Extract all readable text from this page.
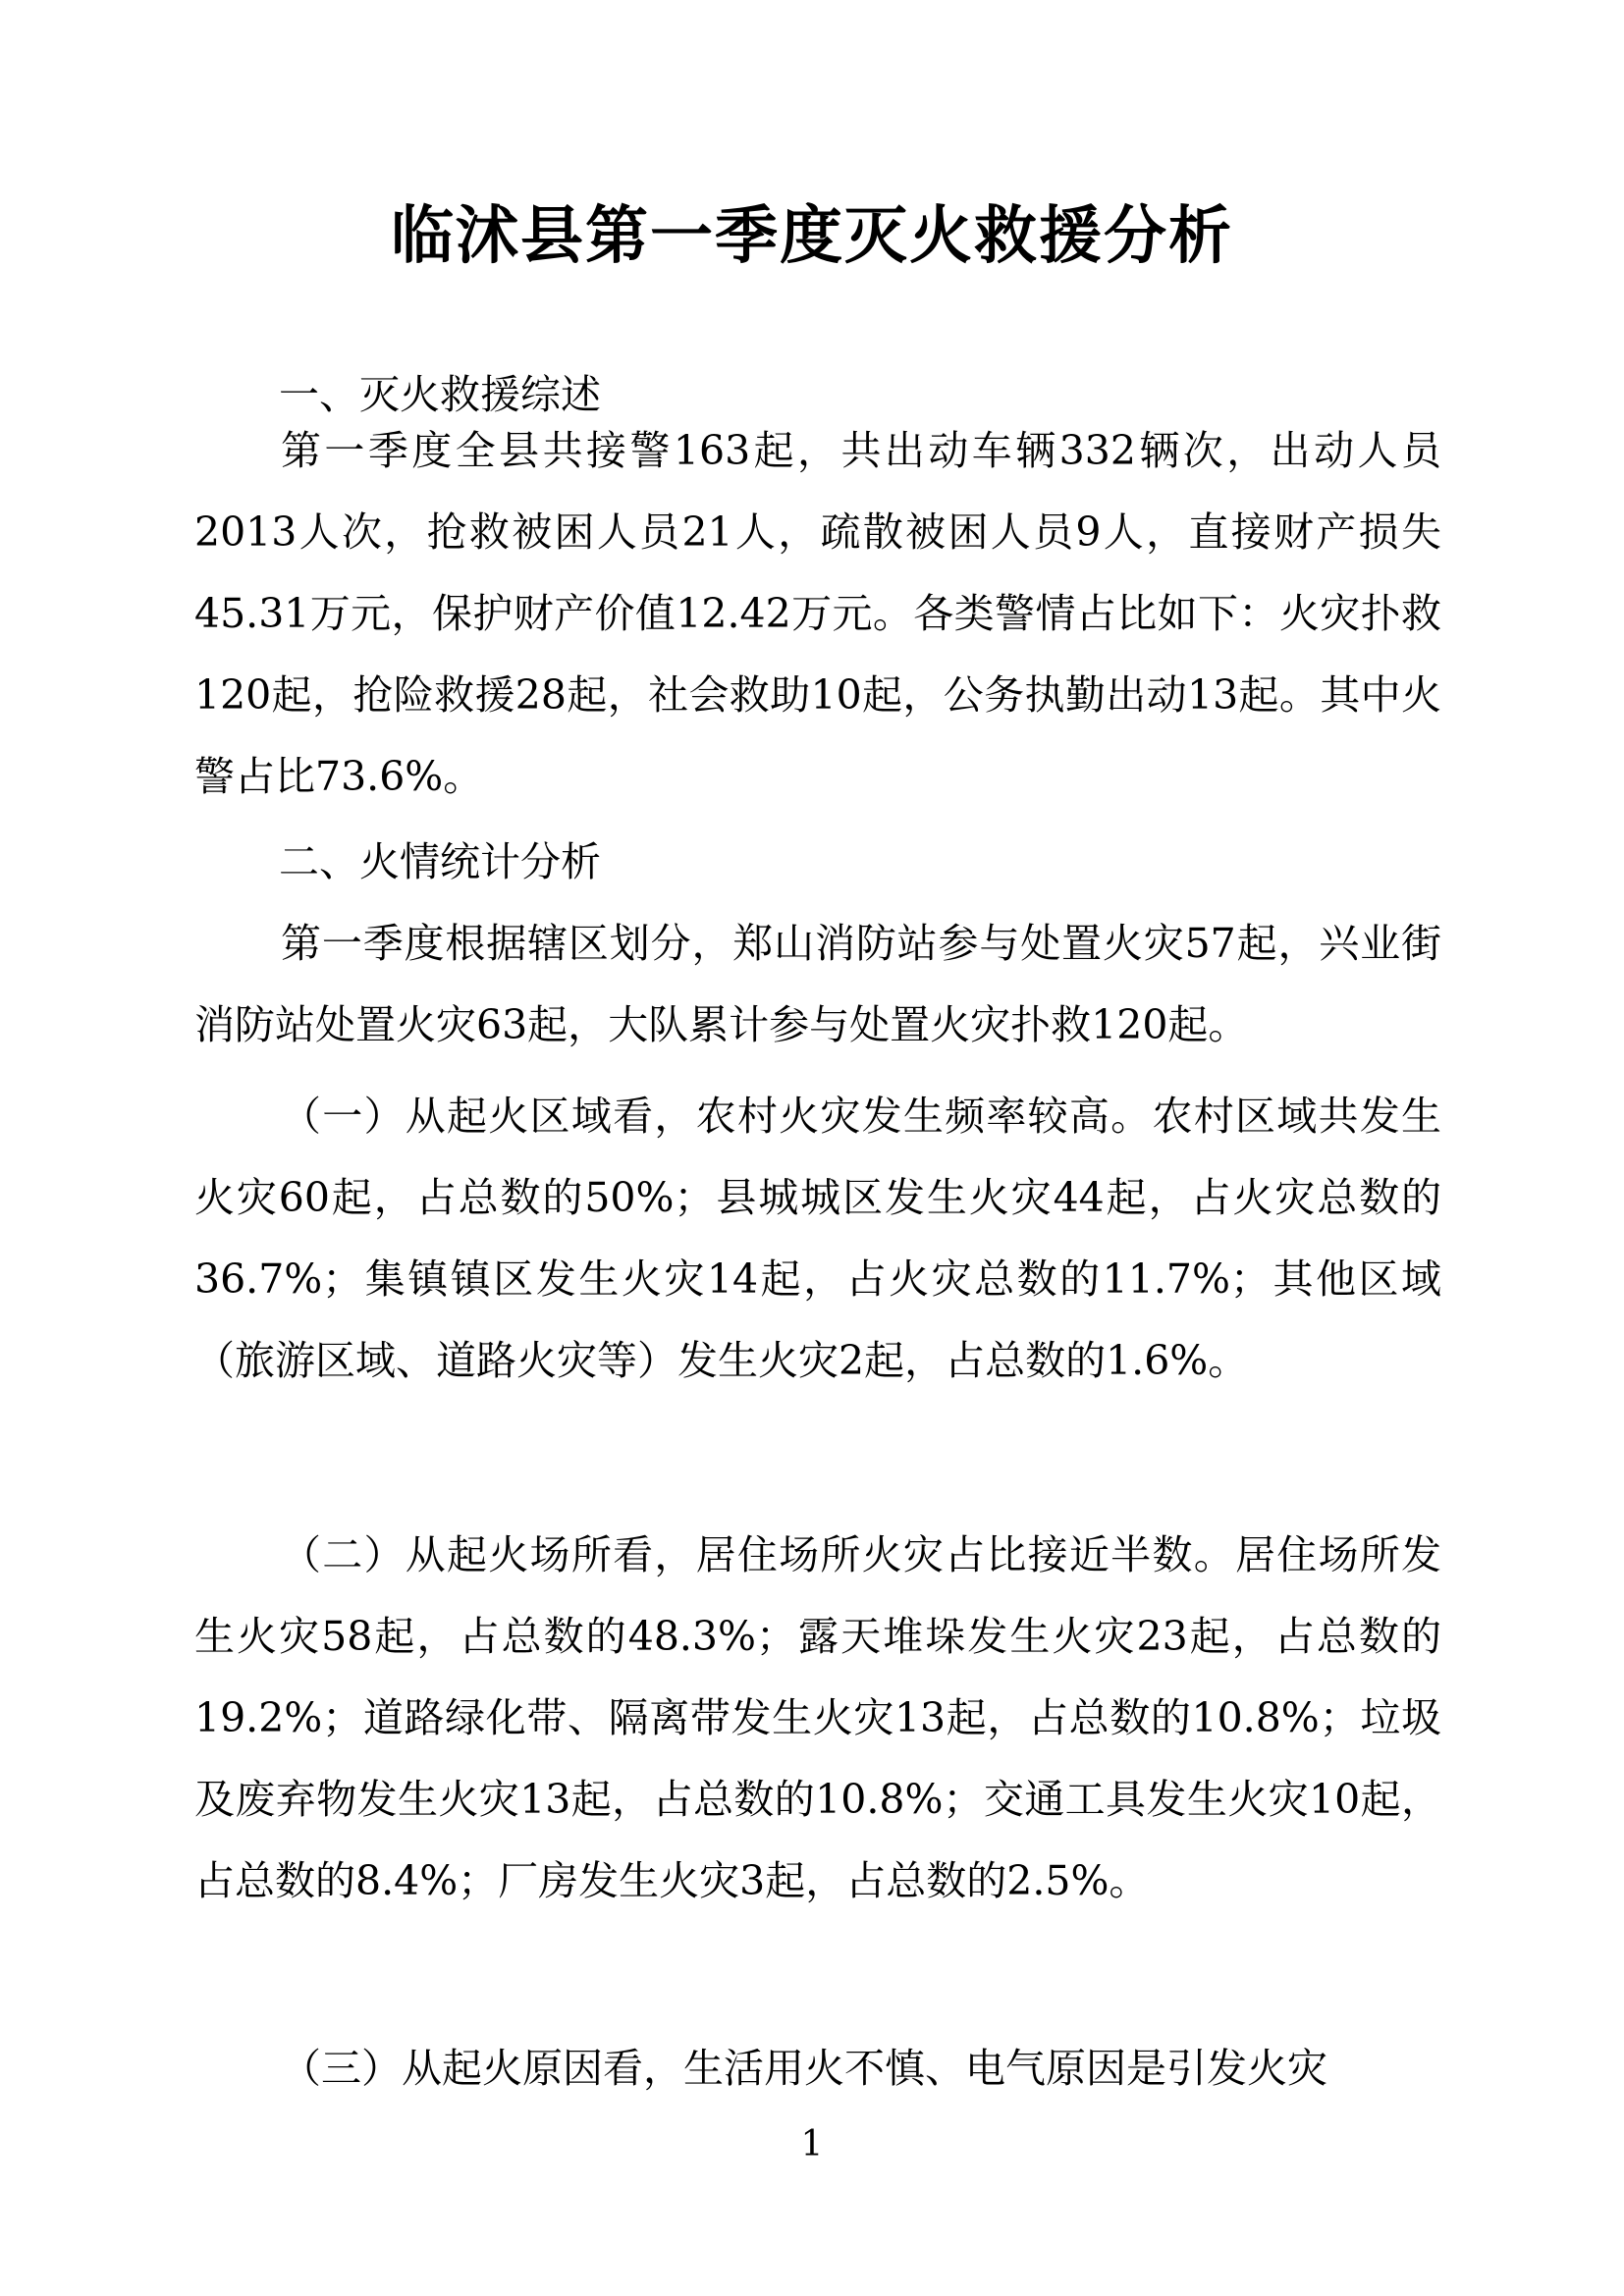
临沭县第一季度灭火救援分析
一、灭火救援综述
第一季度全县共接警163起，共出动车辆332辆次，出动人员2013人次，抢救被困人员21人，疏散被困人员9人，直接财产损失45.31万元，保护财产价值12.42万元。各类警情占比如下：火灾扑救120起，抢险救援28起，社会救助10起，公务执勤出动13起。其中火警占比73.6%。
二、火情统计分析
第一季度根据辖区划分，郑山消防站参与处置火灾57起，兴业街消防站处置火灾63起，大队累计参与处置火灾扑救120起。
（一）从起火区域看，农村火灾发生频率较高。农村区域共发生火灾60起，占总数的50%；县城城区发生火灾44起，占火灾总数的36.7%；集镇镇区发生火灾14起，占火灾总数的11.7%；其他区域（旅游区域、道路火灾等）发生火灾2起，占总数的1.6%。
（二）从起火场所看，居住场所火灾占比接近半数。居住场所发生火灾58起，占总数的48.3%；露天堆垛发生火灾23起，占总数的19.2%；道路绿化带、隔离带发生火灾13起，占总数的10.8%；垃圾及废弃物发生火灾13起，占总数的10.8%；交通工具发生火灾10起，占总数的8.4%；厂房发生火灾3起，占总数的2.5%。
（三）从起火原因看，生活用火不慎、电气原因是引发火灾
1
